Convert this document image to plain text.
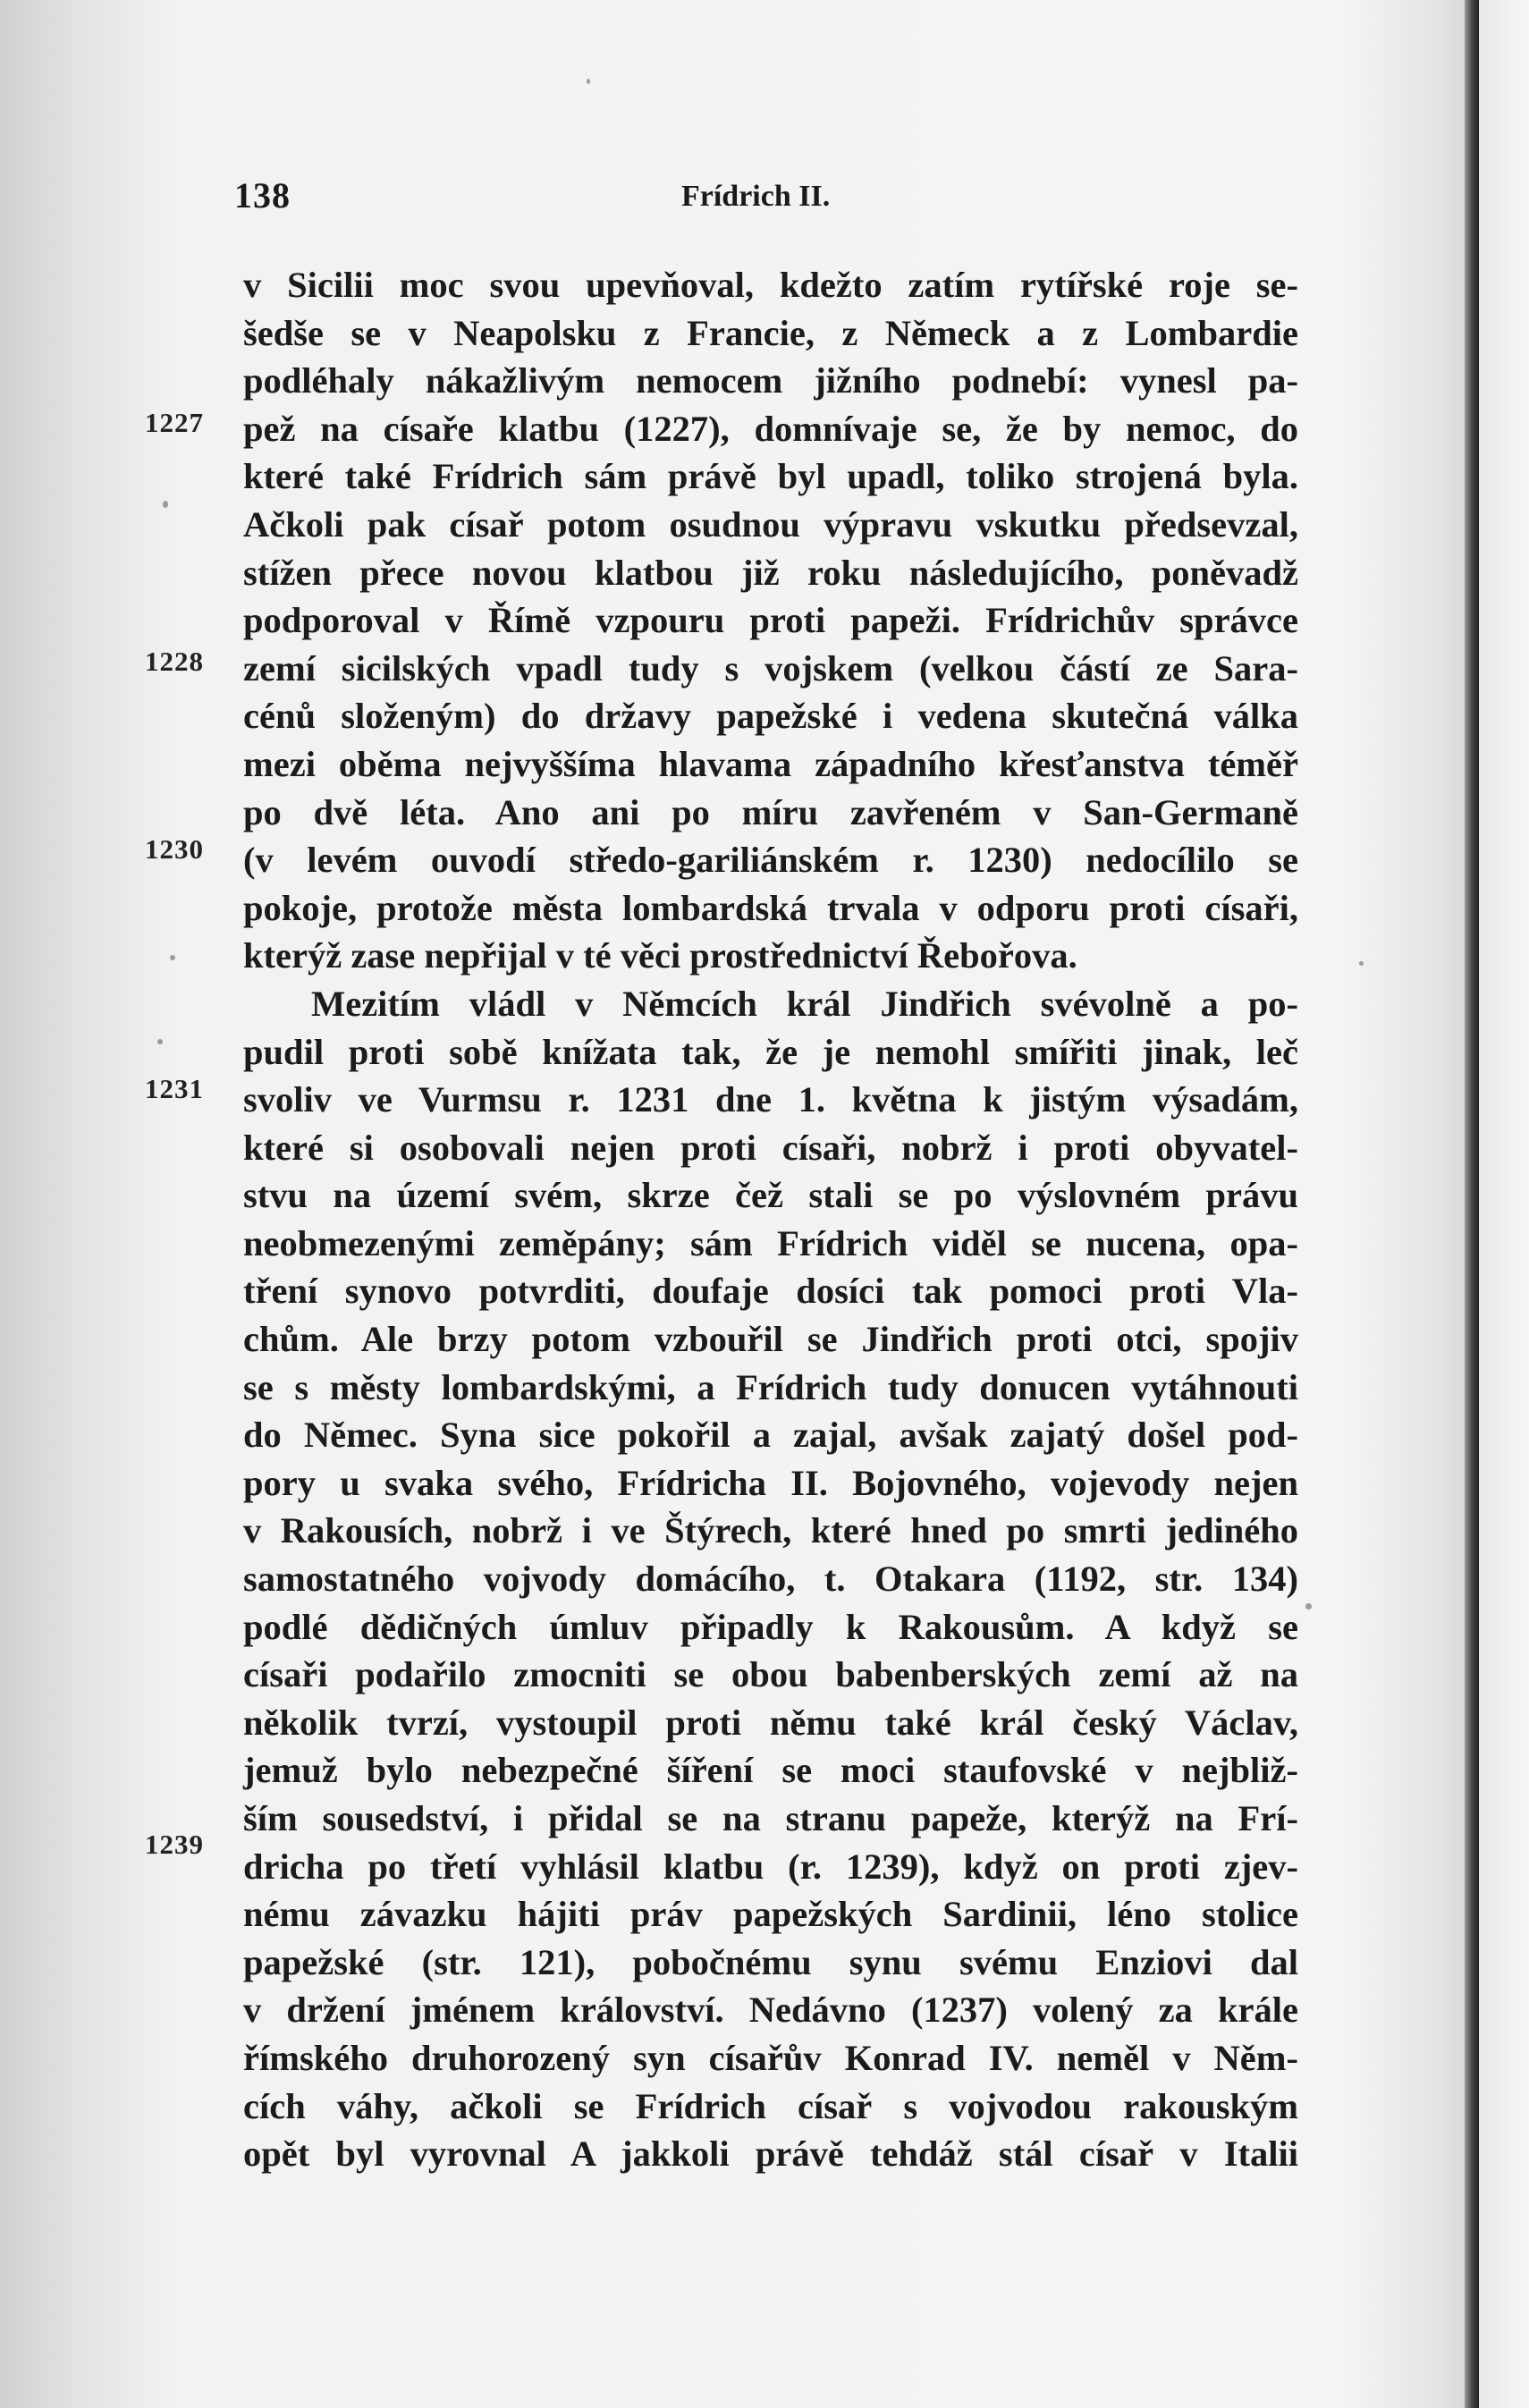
138	Frídrich II.
1227
1228
1230
1231
1239
v Sicilii moc svou upevňoval, kdežto zatím rytířské roje se-
šedše se v Neapolsku z Francie, z Německ a z Lombardie
podléhaly nákažlivým nemocem jižního podnebí: vynesl pa-
pež na císaře klatbu (1227), domnívaje se, že by nemoc, do
které také Frídrich sám právě byl upadl, toliko strojená byla.
Ačkoli pak císař potom osudnou výpravu vskutku předsevzal,
stížen přece novou klatbou již roku následujícího, poněvadž
podporoval v Římě vzpouru proti papeži. Frídrichův správce
zemí sicilských vpadl tudy s vojskem (velkou částí ze Sara-
cénů složeným) do državy papežské i vedena skutečná válka
mezi oběma nejvyššíma hlavama západního křesťanstva téměř
po dvě léta. Ano ani po míru zavřeném v San-Germaně
(v levém ouvodí středo-gariliánském r. 1230) nedocílilo se
pokoje, protože města lombardská trvala v odporu proti císaři,
kterýž zase nepřijal v té věci prostřednictví Řebořova.
Mezitím vládl v Němcích král Jindřich svévolně a po-
pudil proti sobě knížata tak, že je nemohl smířiti jinak, leč
svoliv ve Vurmsu r. 1231 dne 1. května k jistým výsadám,
které si osobovali nejen proti císaři, nobrž i proti obyvatel-
stvu na území svém, skrze čež stali se po výslovném právu
neobmezenými zeměpány; sám Frídrich viděl se nucena, opa-
tření synovo potvrditi, doufaje dosíci tak pomoci proti Vla-
chům. Ale brzy potom vzbouřil se Jindřich proti otci, spojiv
se s městy lombardskými, a Frídrich tudy donucen vytáhnouti
do Němec. Syna sice pokořil a zajal, avšak zajatý došel pod-
pory u svaka svého, Frídricha II. Bojovného, vojevody nejen
v Rakousích, nobrž i ve Štýrech, které hned po smrti jediného
samostatného vojvody domácího, t. Otakara (1192, str. 134)
podlé dědičných úmluv připadly k Rakousům. A když se
císaři podařilo zmocniti se obou babenberských zemí až na
několik tvrzí, vystoupil proti němu také král český Václav,
jemuž bylo nebezpečné šíření se moci staufovské v nejbliž-
ším sousedství, i přidal se na stranu papeže, kterýž na Frí-
dricha po třetí vyhlásil klatbu (r. 1239), když on proti zjev-
nému závazku hájiti práv papežských Sardinii, léno stolice
papežské (str. 121), pobočnému synu svému Enziovi dal
v držení jménem království. Nedávno (1237) volený za krále
římského druhorozený syn císařův Konrad IV. neměl v Něm-
cích váhy, ačkoli se Frídrich císař s vojvodou rakouským
opět byl vyrovnal A jakkoli právě tehdáž stál císař v Italii
